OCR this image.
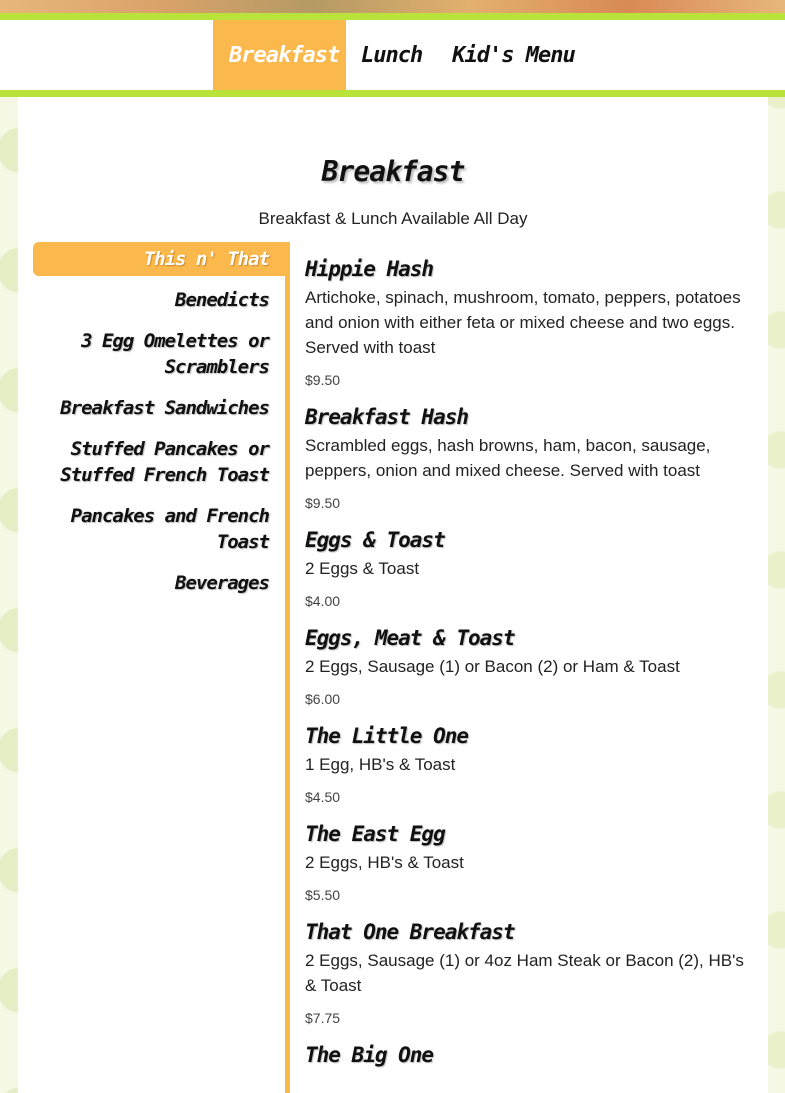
Breakfast Lunch	Kid's Menu
Breakfast
Breakfast & Lunch Available All Day
This n' That
Benedicts
3 Egg Omelettes or Scramblers
Breakfast Sandwiches
Stuffed Pancakes or Stuffed French Toast
Pancakes and French Toast
Beverages
Hippie Hash
Artichoke, spinach, mushroom, tomato, peppers, potatoes and onion with either feta or mixed cheese and two eggs. Served with toast
$9.50
Breakfast Hash
Scrambled eggs, hash browns, ham, bacon, sausage, peppers, onion and mixed cheese. Served with toast
$9.50
Eggs & Toast
2 Eggs & Toast
$4.00
Eggs, Meat & Toast
2 Eggs, Sausage (1) or Bacon (2) or Ham & Toast
$6.00
The Little One
1 Egg, HB's & Toast
$4.50
The East Egg
2 Eggs, HB's & Toast
$5.50
That One Breakfast
2 Eggs, Sausage (1) or 4oz Ham Steak or Bacon (2), HB's & Toast
$7.75
The Big One
